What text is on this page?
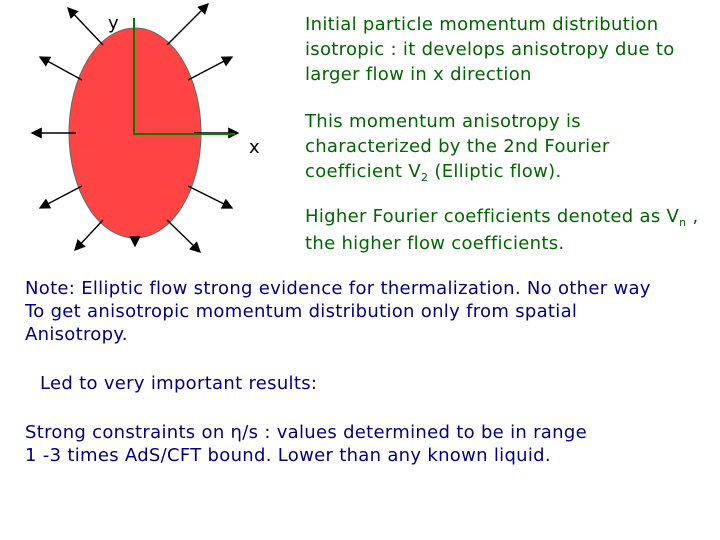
y
x
Initial particle momentum distribution isotropic : it develops anisotropy due to larger flow in x direction
This momentum anisotropy is characterized by the 2nd Fourier coefficient $V_2$ (Elliptic flow).
Higher Fourier coefficients denoted as $V_n$ , the higher flow coefficients.
Note: Elliptic flow strong evidence for thermalization. No other way
To get anisotropic momentum distribution only from spatial
Anisotropy.
Led to very important results:
Strong constraints on η/s : values determined to be in range
1 -3 times AdS/CFT bound. Lower than any known liquid.
